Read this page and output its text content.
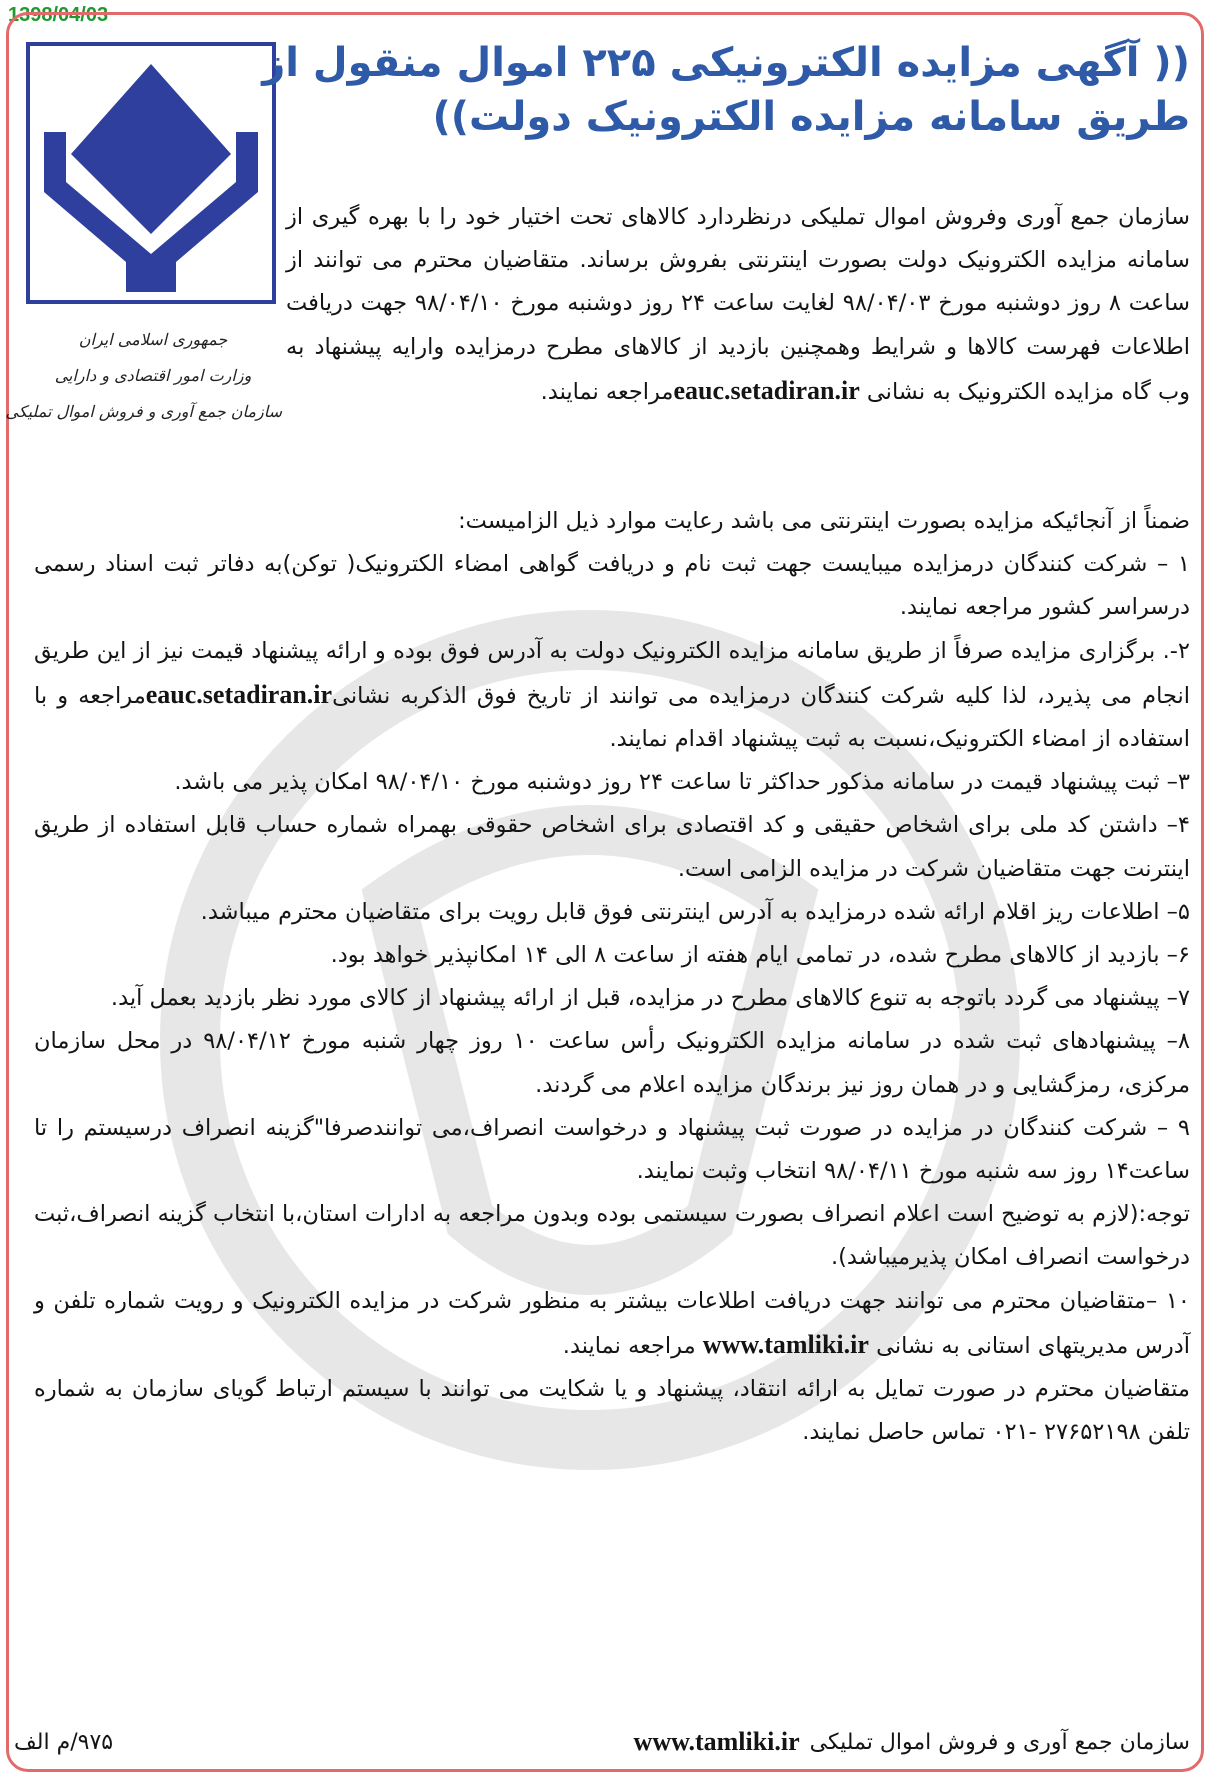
1398/04/03
جمهوری اسلامی ایران
وزارت امور اقتصادی و دارایی
سازمان جمع آوری و فروش اموال تملیکی
(( آگهی مزایده الکترونیکی ۲۲۵ اموال منقول از
طریق سامانه مزایده الکترونیک دولت))

سازمان جمع آوری وفروش اموال تملیکی درنظردارد کالاهای تحت اختیار خود را با بهره گیری از سامانه مزایده الکترونیک دولت بصورت اینترنتی بفروش برساند. متقاضیان محترم می توانند از ساعت ۸ روز دوشنبه مورخ ۹۸/۰۴/۰۳ لغایت ساعت ۲۴ روز دوشنبه مورخ ۹۸/۰۴/۱۰ جهت دریافت اطلاعات فهرست کالاها و شرایط وهمچنین بازدید از کالاهای مطرح درمزایده وارایه پیشنهاد به وب گاه مزایده الکترونیک به نشانی eauc.setadiran.irمراجعه نمایند.

ضمناً از آنجائیکه مزایده بصورت اینترنتی می باشد رعایت موارد ذیل الزامیست:

۱ – شرکت کنندگان درمزایده میبایست جهت ثبت نام و دریافت گواهی امضاء الکترونیک( توکن)به دفاتر ثبت اسناد رسمی درسراسر کشور مراجعه نمایند.

۲-. برگزاری مزایده صرفاً از طریق سامانه مزایده الکترونیک دولت به آدرس فوق بوده و ارائه پیشنهاد قیمت نیز از این طریق انجام می پذیرد، لذا کلیه شرکت کنندگان درمزایده می توانند از تاریخ فوق الذکربه نشانیeauc.setadiran.irمراجعه و با استفاده از امضاء الکترونیک،نسبت به ثبت پیشنهاد اقدام نمایند.

۳– ثبت پیشنهاد قیمت در سامانه مذکور حداکثر تا ساعت ۲۴ روز دوشنبه مورخ ۹۸/۰۴/۱۰ امکان پذیر می باشد.

۴– داشتن کد ملی برای اشخاص حقیقی و کد اقتصادی برای اشخاص حقوقی بهمراه شماره حساب قابل استفاده از طریق اینترنت جهت متقاضیان شرکت در مزایده الزامی است.

۵– اطلاعات ریز اقلام ارائه شده درمزایده به آدرس اینترنتی فوق قابل رویت برای متقاضیان محترم میباشد.

۶– بازدید از کالاهای مطرح شده، در تمامی ایام هفته از ساعت ۸ الی ۱۴ امکانپذیر خواهد بود.

۷– پیشنهاد می گردد باتوجه به تنوع کالاهای مطرح در مزایده، قبل از ارائه پیشنهاد از کالای مورد نظر بازدید بعمل آید.

۸– پیشنهادهای ثبت شده در سامانه مزایده الکترونیک رأس ساعت ۱۰ روز چهار شنبه مورخ ۹۸/۰۴/۱۲ در محل سازمان مرکزی، رمزگشایی و در همان روز نیز برندگان مزایده اعلام می گردند.

۹ – شرکت کنندگان در مزایده در صورت ثبت پیشنهاد و درخواست انصراف،می توانندصرفا"گزینه انصراف درسیستم را تا ساعت۱۴ روز سه شنبه مورخ ۹۸/۰۴/۱۱ انتخاب وثبت نمایند.

توجه:(لازم به توضیح است اعلام انصراف بصورت سیستمی بوده وبدون مراجعه به ادارات استان،با انتخاب گزینه انصراف،ثبت درخواست انصراف امکان پذیرمیباشد).

۱۰ –متقاضیان محترم می توانند جهت دریافت اطلاعات بیشتر به منظور شرکت در مزایده الکترونیک و رویت شماره تلفن و آدرس مدیریتهای استانی به نشانی www.tamliki.ir مراجعه نمایند.

متقاضیان محترم در صورت تمایل به ارائه انتقاد، پیشنهاد و یا شکایت می توانند با سیستم ارتباط گویای سازمان به شماره تلفن ۲۷۶۵۲۱۹۸ -۰۲۱ تماس حاصل نمایند.

سازمان جمع آوری و فروش اموال تملیکی
www.tamliki.ir
۹۷۵/م الف
